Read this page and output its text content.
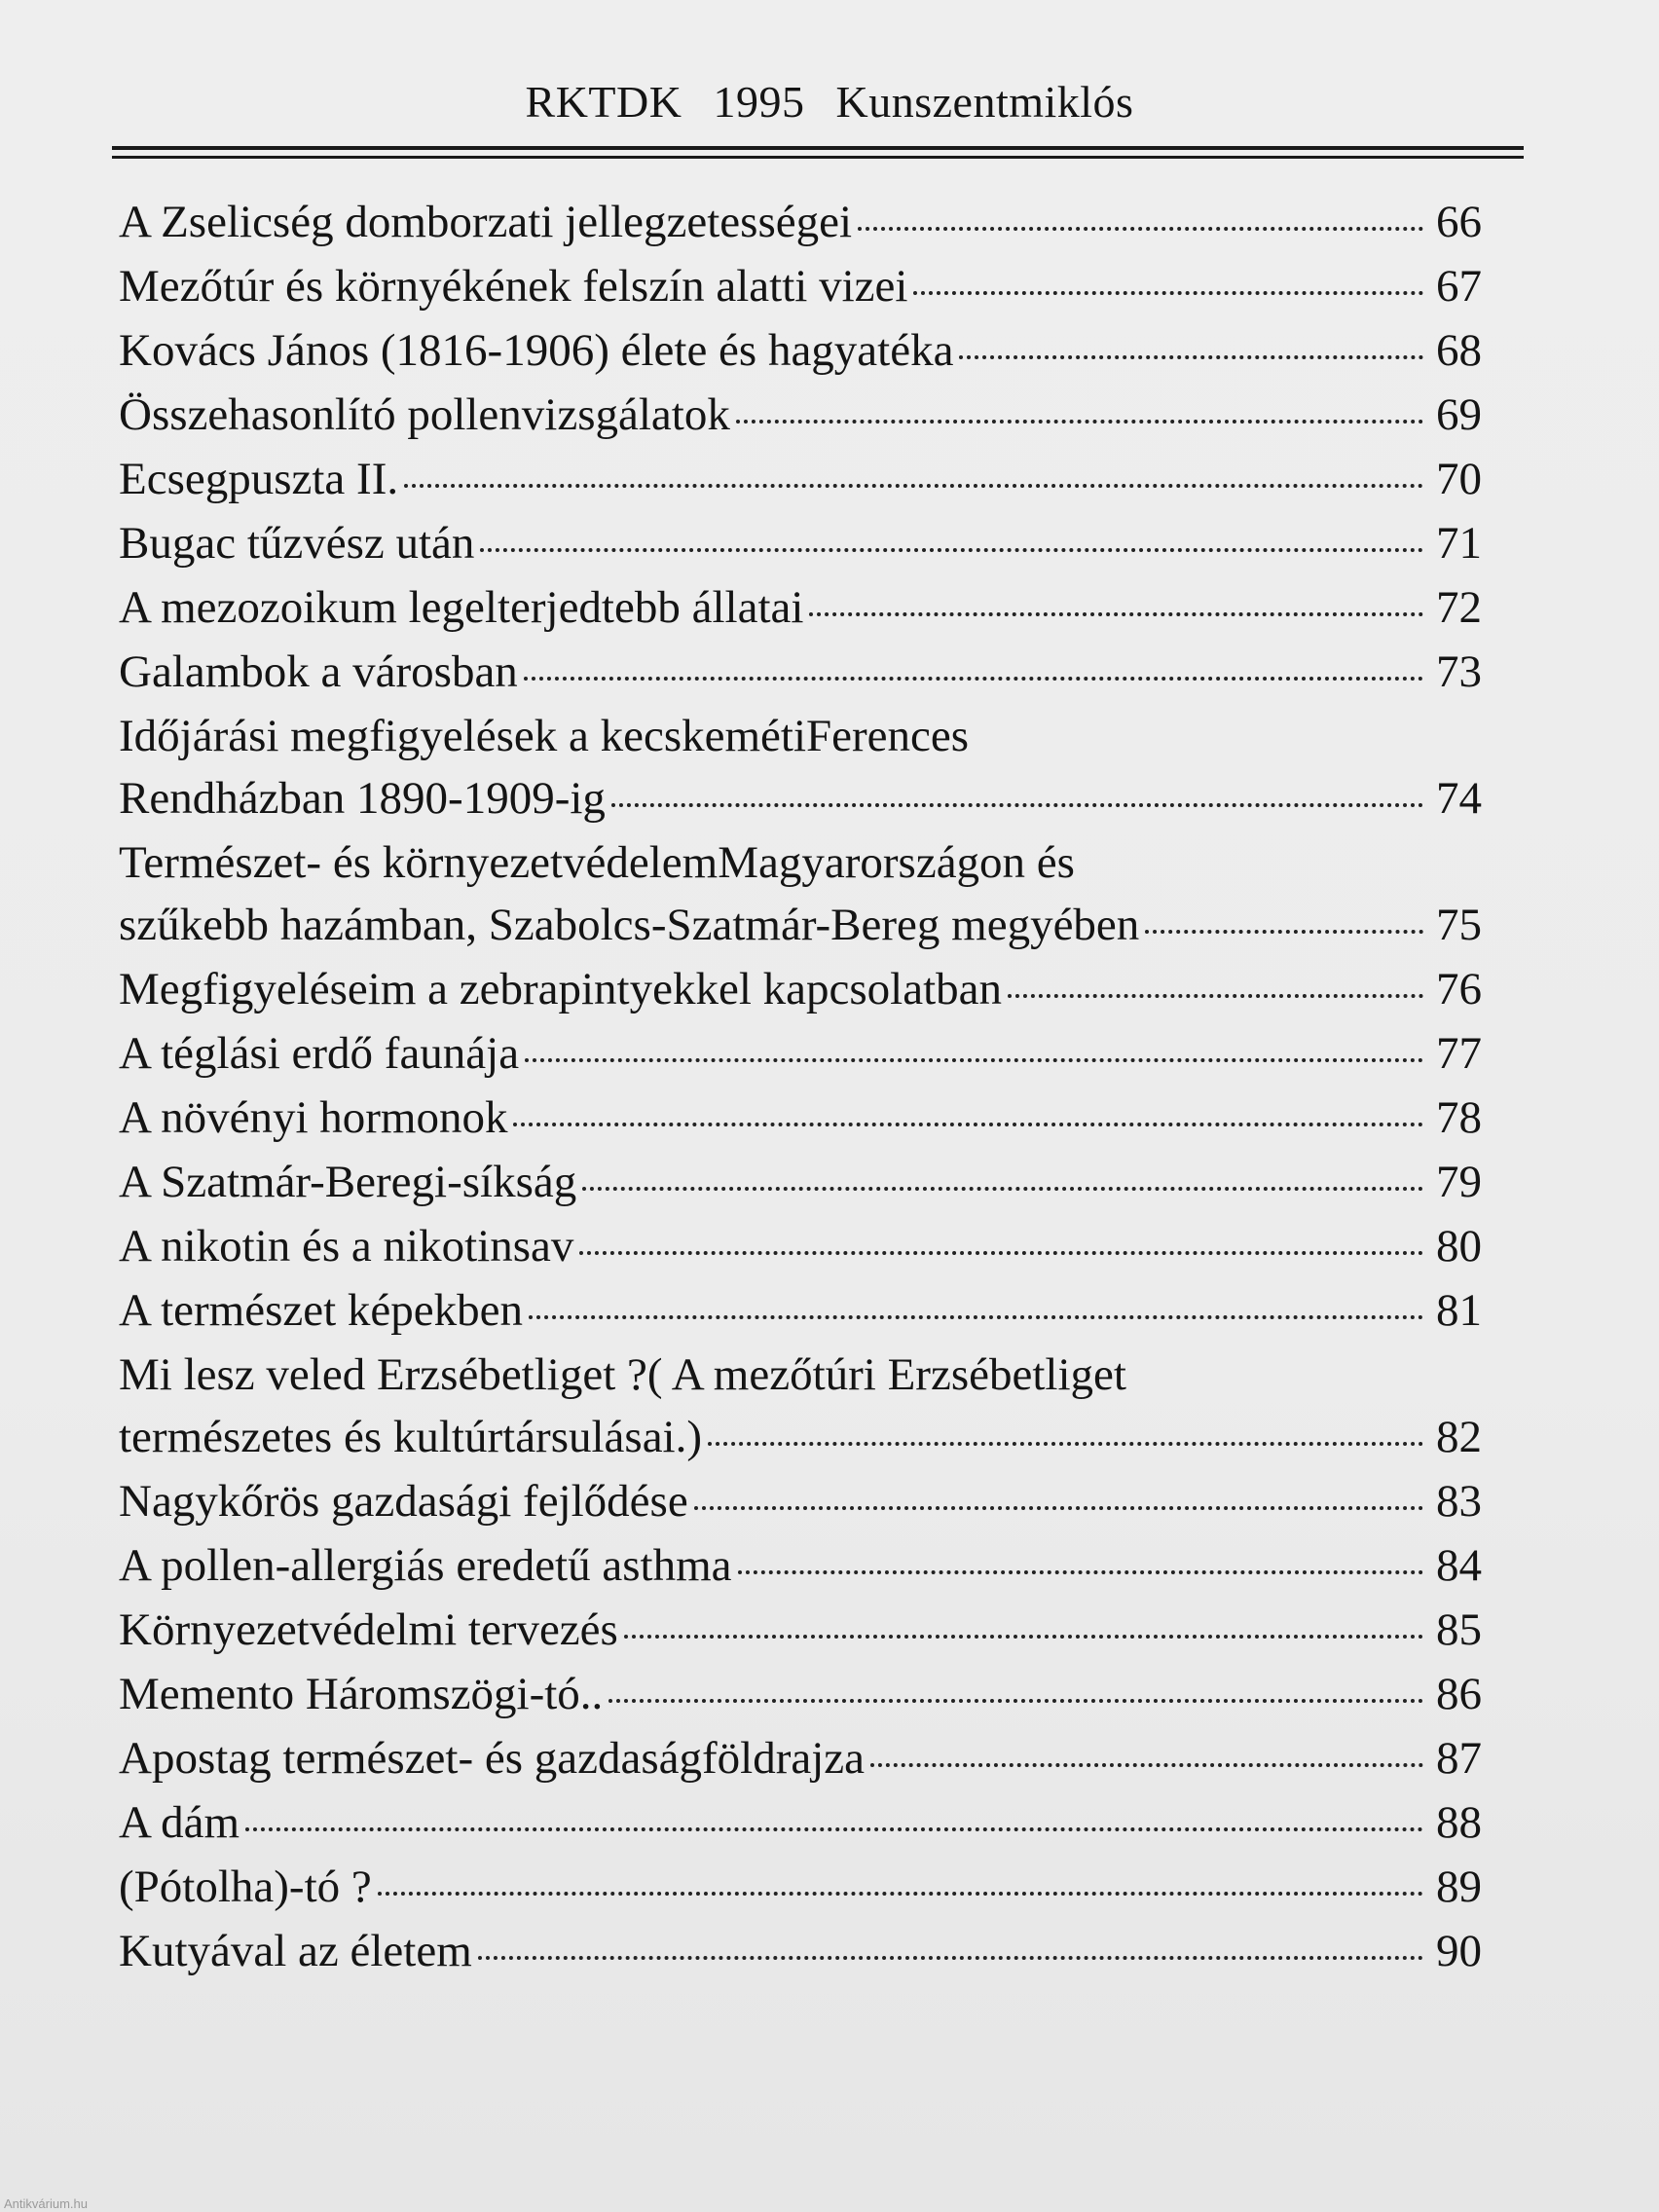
RKTDK 1995 Kunszentmiklós
A Zselicség domborzati jellegzetességei	66
Mezőtúr és környékének felszín alatti vizei	67
Kovács János (1816-1906) élete és hagyatéka	68
Összehasonlító pollenvizsgálatok	69
Ecsegpuszta II.	70
Bugac tűzvész után	71
A mezozoikum legelterjedtebb állatai	72
Galambok a városban	73
Időjárási megfigyelések a kecskemétiFerences
Rendházban 1890-1909-ig	74
Természet- és környezetvédelemMagyarországon és
szűkebb hazámban, Szabolcs-Szatmár-Bereg megyében	75
Megfigyeléseim a zebrapintyekkel kapcsolatban	76
A téglási erdő faunája	77
A növényi hormonok	78
A Szatmár-Beregi-síkság	79
A nikotin és a nikotinsav	80
A természet képekben	81
Mi lesz veled Erzsébetliget ?( A mezőtúri Erzsébetliget
természetes és kultúrtársulásai.)	82
Nagykőrös gazdasági fejlődése	83
A pollen-allergiás eredetű asthma	84
Környezetvédelmi tervezés	85
Memento Háromszögi-tó..	86
Apostag természet- és gazdaságföldrajza	87
A dám	88
(Pótolha)-tó ?	89
Kutyával az életem	90
Antikvárium.hu
